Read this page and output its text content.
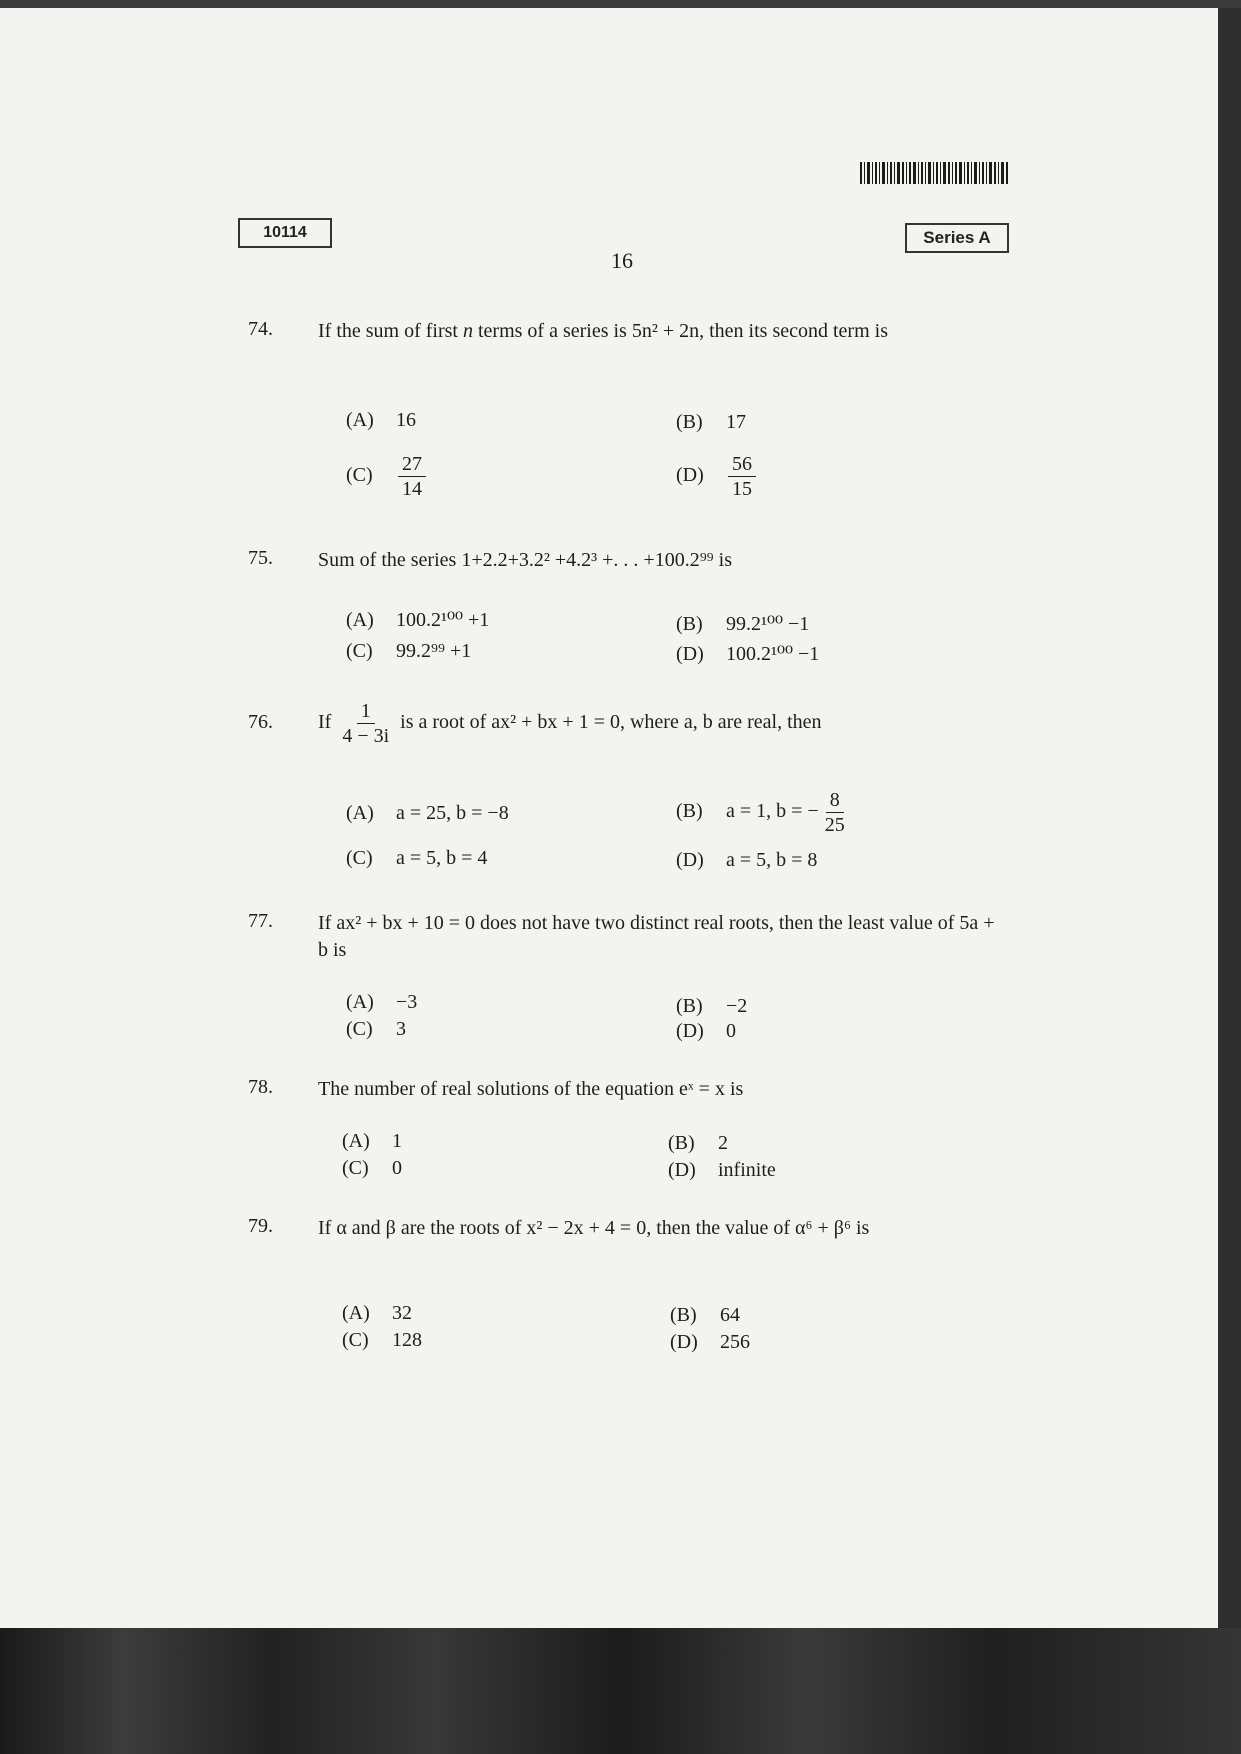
10114	Series A
16
74. If the sum of first n terms of a series is 5n² + 2n, then its second term is
(A) 16	(B) 17
$(C) \frac{27}{14}$	$(D) \frac{56}{15}$
75. Sum of the series 1+2.2+3.2² +4.2³ +. . . +100.2⁹⁹ is
(A) 100.2¹⁰⁰ +1	(B) 99.2¹⁰⁰ −1
(C) 99.2⁹⁹ +1	(D) 100.2¹⁰⁰ −1
76. If $\frac{1}{4 - 3i}$ is a root of ax² + bx + 1 = 0, where a, b are real, then
(A) a = 25, b = −8	(B) a = 1, b = − $\frac{8}{25}$
(C) a = 5, b = 4	(D) a = 5, b = 8
77. If ax² + bx + 10 = 0 does not have two distinct real roots, then the least value of 5a + b is
(A) −3	(B) −2
(C) 3	(D) 0
78. The number of real solutions of the equation eˣ = x is
(A) 1	(B) 2
(C) 0	(D) infinite
79. If α and β are the roots of x² − 2x + 4 = 0, then the value of α⁶ + β⁶ is
(A) 32	(B) 64
(C) 128	(D) 256
